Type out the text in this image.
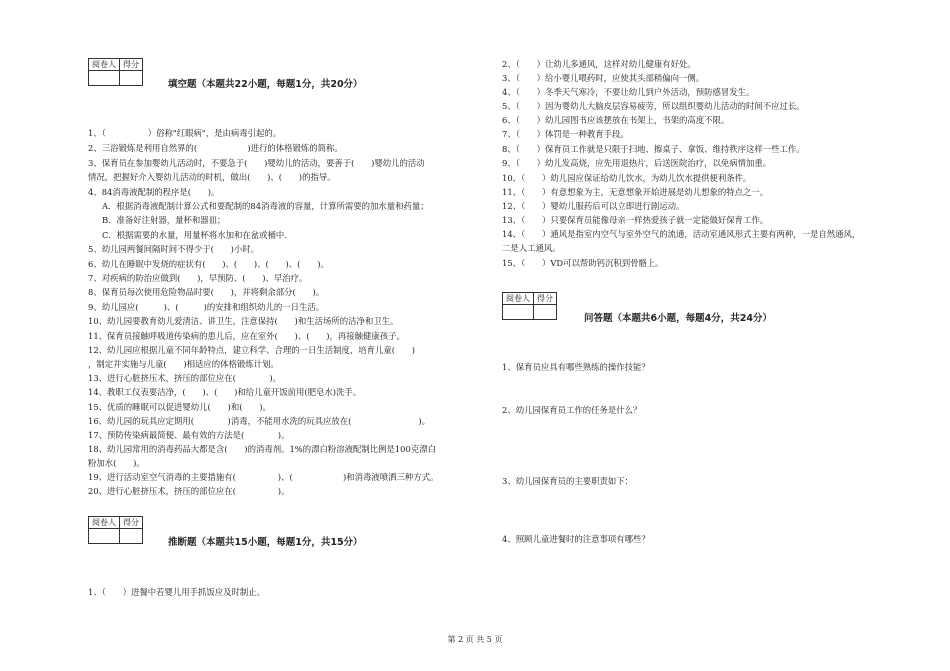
阅卷人	得分

填空题（本题共22小题，每题1分，共20分）
1、（　　　　　）俗称"红眼病"，是由病毒引起的。
2、三浴锻炼是利用自然界的(　　　　　　)进行的体格锻炼的简称。
3、保育员在参加婴幼儿活动时，不要急于(　　)婴幼儿的活动，要善于(　　)婴幼儿的活动
情况，把握好介入婴幼儿活动的时机，做出(　　)、(　　)的指导。
4、84消毒液配制的程序是(　　)。
A．根据消毒液配制计算公式和要配制的84消毒液的容量，计算所需要的加水量和药量；
B．准备好注射器，量杯和器皿；
C．根据需要的水量，用量杯将水加和在盆或桶中.
5、幼儿园两餐间隔时间不得少于(　　)小时。
6、幼儿在睡眠中发烧的症状有(　　)、(　　)、(　　)、(　　)。
7、对疾病的防治应做到(　　)，早预防、(　　)、早治疗。
8、保育员每次使用危险物品时要(　　)，并将剩余部分(　　)。
9、幼儿园应(　　　)、(　　　)的安排和组织幼儿的一日生活。
10、幼儿园要教育幼儿爱清洁、讲卫生，注意保持(　　)和生活场所的洁净和卫生。
11、保育员接触呼吸道传染病的患儿后，应在室外(　　)、(　　)，再接触健康孩子。
12、幼儿园应根据儿童不同年龄特点，建立科学、合理的一日生活制度，培育儿童(　　)
，制定并实施与儿童(　　)相适应的体格锻炼计划。
13、进行心脏挤压术，挤压的部位应在(　　　　)。
14、教职工仪表要洁净，(　　)、(　　)和给儿童开饭前用(肥皂水)洗手。
15、优质的睡眠可以促进婴幼儿(　　)和(　　)。
16、幼儿园的玩具应定期用(　　　　)消毒，不能用水洗的玩具应放在(　　　　　　　　)。
17、预防传染病最简便、最有效的方法是(　　　　)。
18、幼儿园常用的消毒药品大都是含(　　)的消毒剂。1%的漂白粉溶液配制比例是100克漂白
粉加水(　　)。
19、进行活动室空气消毒的主要措施有(　　　　　)、(　　　　　　)和消毒液喷洒三种方式。
20、进行心脏挤压术，挤压的部位应在(　　　　　)。
阅卷人	得分

推断题（本题共15小题，每题1分，共15分）
1、（　　）进餐中若婴儿用手抓饭应及时制止。
2、（　　）让幼儿多通风，这样对幼儿健康有好处。
3、（　　）给小婴儿喂药时，应使其头部稍偏向一侧。
4、（　　）冬季天气寒冷，不要让幼儿到户外活动，预防感冒发生。
5、（　　）因为婴幼儿大脑皮层容易疲劳，所以组织婴幼儿活动的时间不应过长。
6、（　　）幼儿园图书应该摆放在书架上，书架的高度不限。
7、（　　）体罚是一种教育手段。
8、（　　）保育员工作就是只限于扫地、擦桌子、拿饭、维持秩序这样一些工作。
9、（　　）幼儿发高烧，应先用退热片，后送医院治疗，以免病情加重。
10、（　　）幼儿园应保证给幼儿饮水，为幼儿饮水提供便利条件。
11、（　　）有意想象为主，无意想象开始进展是幼儿想象的特点之一。
12、（　　）婴幼儿服药后可以立即进行剧运动。
13、（　　）只要保育员能像母亲一样热爱孩子就一定能做好保育工作。
14、（　　）通风是指室内空气与室外空气的流通，活动室通风形式主要有两种，一是自然通风，
二是人工通风。
15、（　　）VD可以帮助钙沉积到骨骼上。
阅卷人	得分

问答题（本题共6小题，每题4分，共24分）
1、保育员应具有哪些熟练的操作技能？
2、幼儿园保育员工作的任务是什么？
3、幼儿园保育员的主要职责如下：
4、照顾儿童进餐时的注意事项有哪些？
第 2 页 共 5 页
